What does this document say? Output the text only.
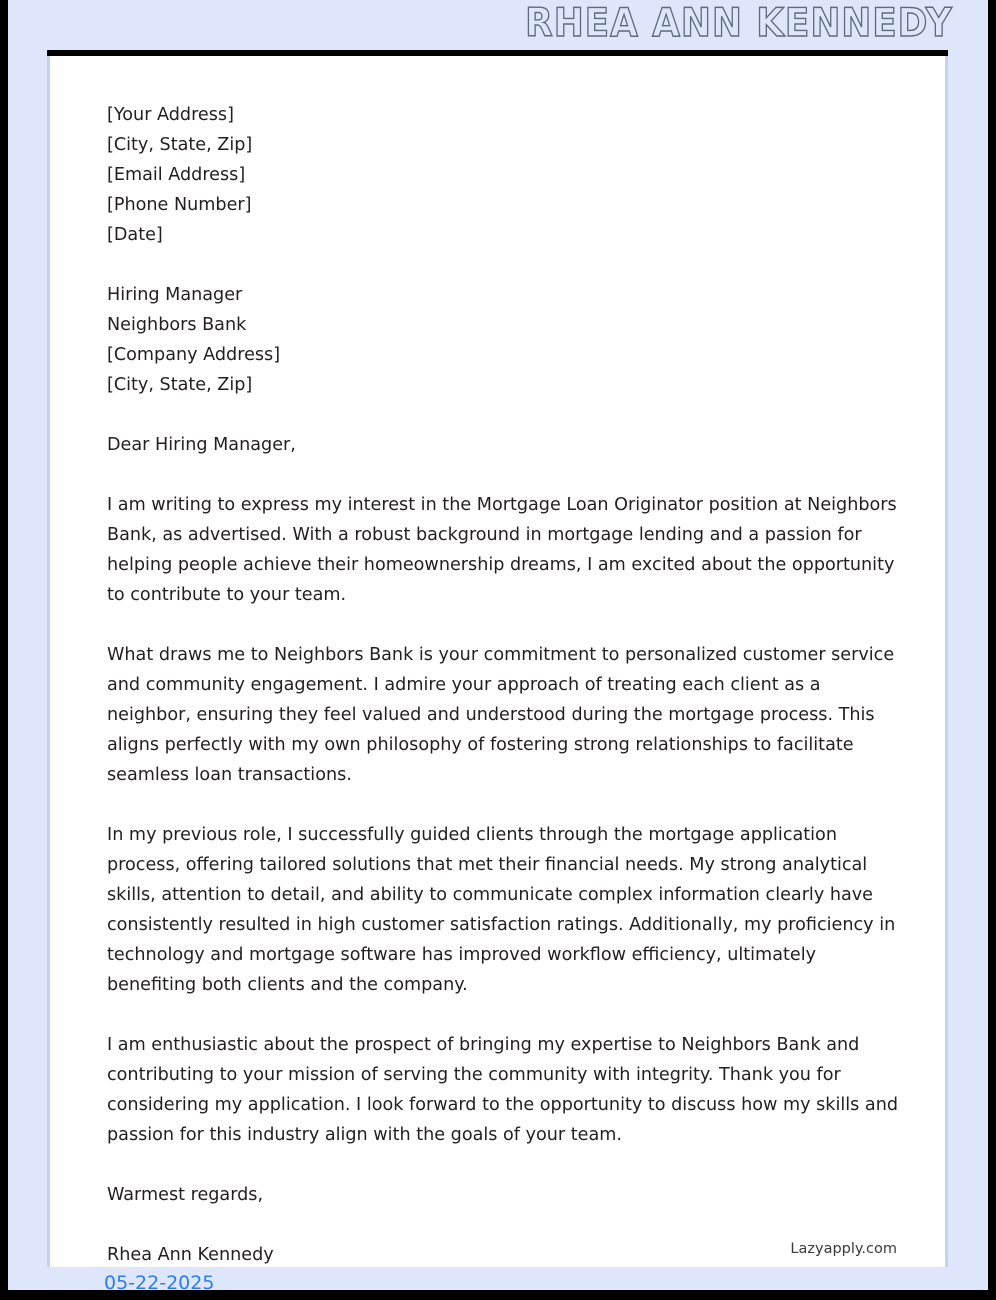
RHEA ANN KENNEDY
[Your Address]
[City, State, Zip]
[Email Address]
[Phone Number]
[Date]
Hiring Manager
Neighbors Bank
[Company Address]
[City, State, Zip]
Dear Hiring Manager,

I am writing to express my interest in the Mortgage Loan Originator position at Neighbors Bank, as advertised. With a robust background in mortgage lending and a passion for helping people achieve their homeownership dreams, I am excited about the opportunity to contribute to your team.

What draws me to Neighbors Bank is your commitment to personalized customer service and community engagement. I admire your approach of treating each client as a neighbor, ensuring they feel valued and understood during the mortgage process. This aligns perfectly with my own philosophy of fostering strong relationships to facilitate seamless loan transactions.

In my previous role, I successfully guided clients through the mortgage application process, offering tailored solutions that met their financial needs. My strong analytical skills, attention to detail, and ability to communicate complex information clearly have consistently resulted in high customer satisfaction ratings. Additionally, my proficiency in technology and mortgage software has improved workflow efficiency, ultimately benefiting both clients and the company.

I am enthusiastic about the prospect of bringing my expertise to Neighbors Bank and contributing to your mission of serving the community with integrity. Thank you for considering my application. I look forward to the opportunity to discuss how my skills and passion for this industry align with the goals of your team.

Warmest regards,
Rhea Ann Kennedy	Lazyapply.com
05-22-2025
